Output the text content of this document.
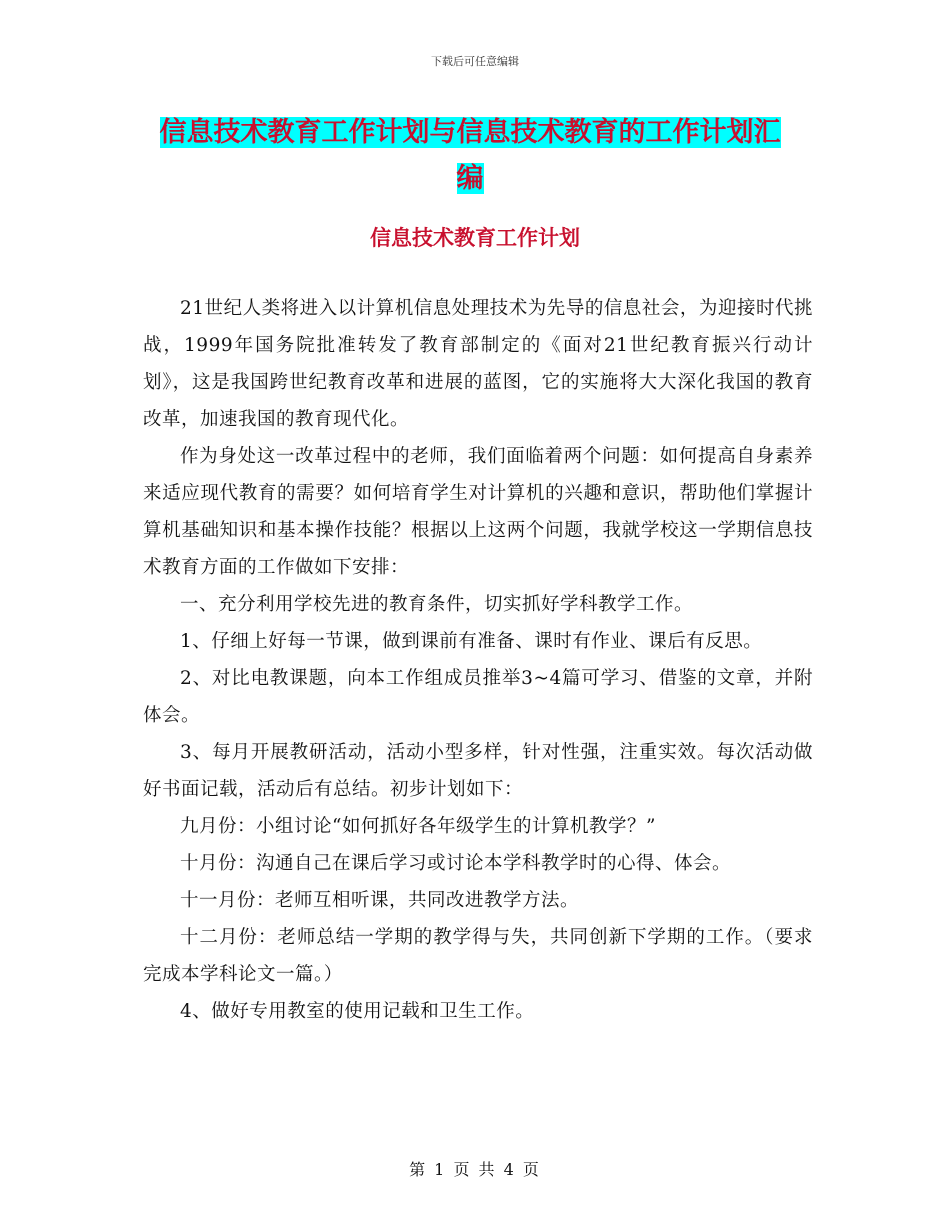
下载后可任意编辑
信息技术教育工作计划与信息技术教育的工作计划汇
编
信息技术教育工作计划

21世纪人类将进入以计算机信息处理技术为先导的信息社会，为迎接时代挑战，1999年国务院批准转发了教育部制定的《面对21世纪教育振兴行动计划》，这是我国跨世纪教育改革和进展的蓝图，它的实施将大大深化我国的教育改革，加速我国的教育现代化。

作为身处这一改革过程中的老师，我们面临着两个问题：如何提高自身素养来适应现代教育的需要？如何培育学生对计算机的兴趣和意识，帮助他们掌握计算机基础知识和基本操作技能？根据以上这两个问题，我就学校这一学期信息技术教育方面的工作做如下安排：

一、充分利用学校先进的教育条件，切实抓好学科教学工作。

1、仔细上好每一节课，做到课前有准备、课时有作业、课后有反思。

2、对比电教课题，向本工作组成员推举3~4篇可学习、借鉴的文章，并附体会。

3、每月开展教研活动，活动小型多样，针对性强，注重实效。每次活动做好书面记载，活动后有总结。初步计划如下：

九月份：小组讨论“如何抓好各年级学生的计算机教学？”

十月份：沟通自己在课后学习或讨论本学科教学时的心得、体会。

十一月份：老师互相听课，共同改进教学方法。

十二月份：老师总结一学期的教学得与失，共同创新下学期的工作。（要求完成本学科论文一篇。）

4、做好专用教室的使用记载和卫生工作。

第 1 页 共 4 页
